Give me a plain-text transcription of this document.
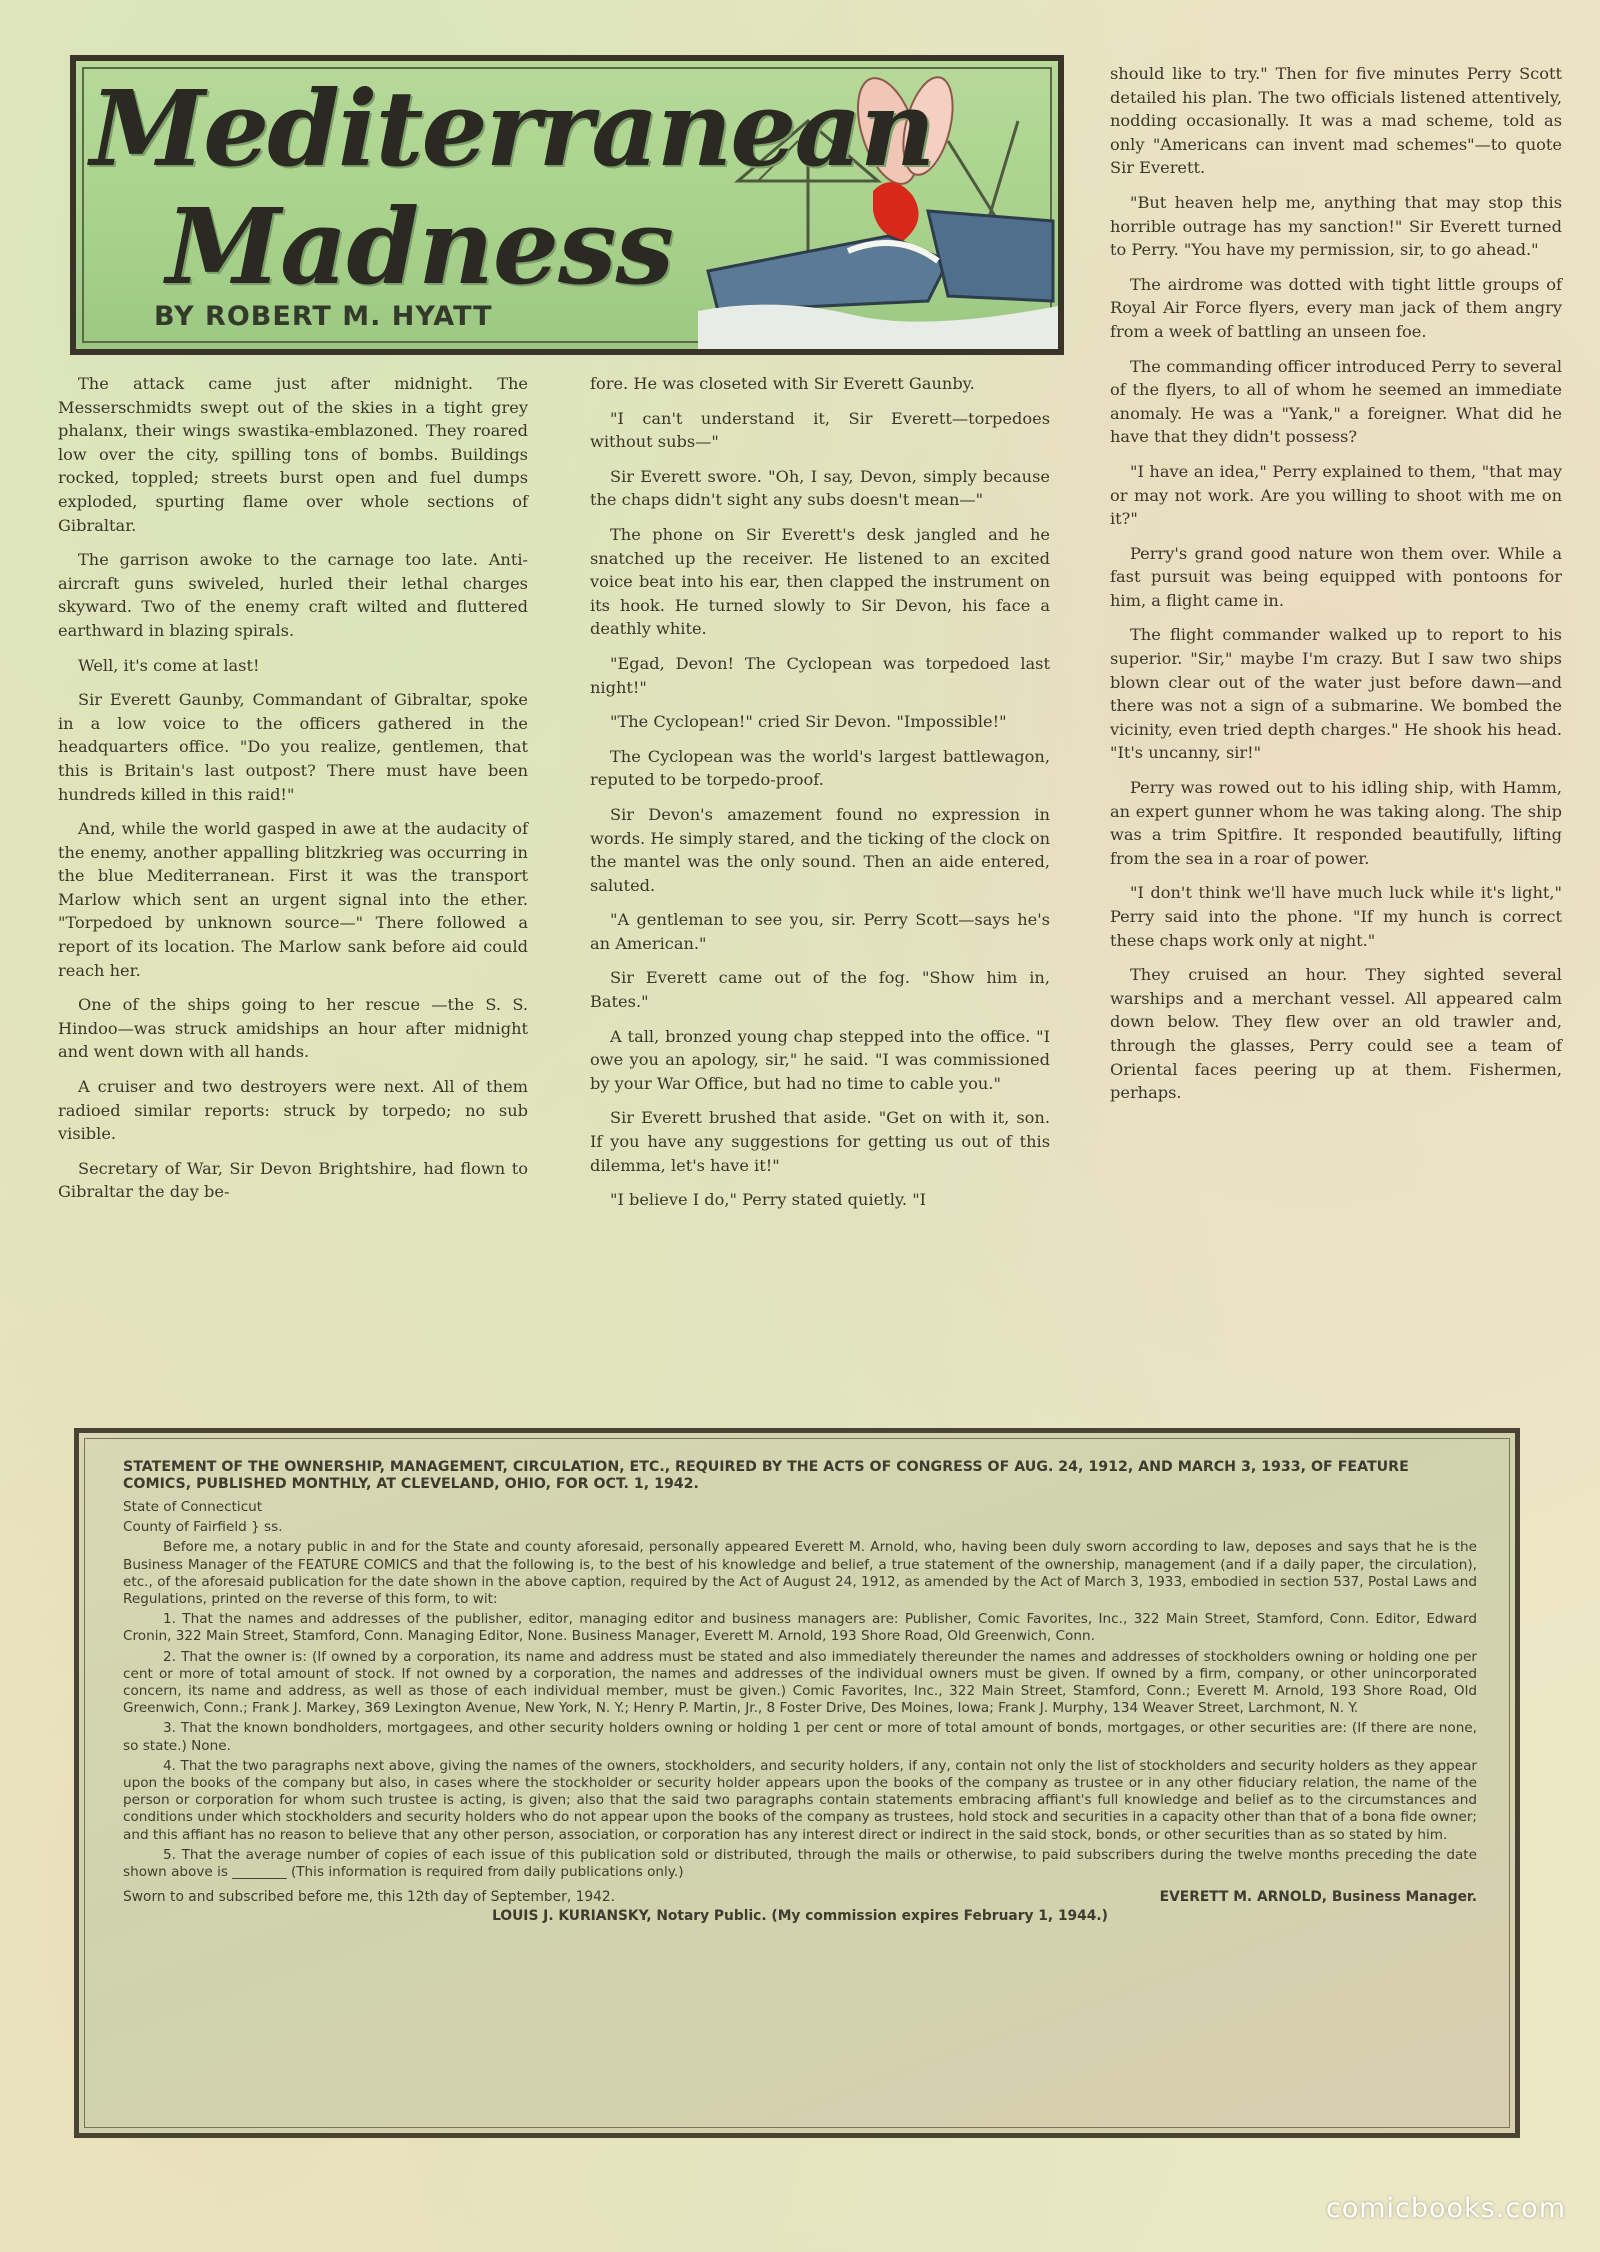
Mediterranean
Madness
BY ROBERT M. HYATT

The attack came just after midnight. The Messerschmidts swept out of the skies in a tight grey phalanx, their wings swastika-emblazoned. They roared low over the city, spilling tons of bombs. Buildings rocked, toppled; streets burst open and fuel dumps exploded, spurting flame over whole sections of Gibraltar.

The garrison awoke to the carnage too late. Anti-aircraft guns swiveled, hurled their lethal charges skyward. Two of the enemy craft wilted and fluttered earthward in blazing spirals.

Well, it's come at last!

Sir Everett Gaunby, Commandant of Gibraltar, spoke in a low voice to the officers gathered in the headquarters office. "Do you realize, gentlemen, that this is Britain's last outpost? There must have been hundreds killed in this raid!"

And, while the world gasped in awe at the audacity of the enemy, another appalling blitzkrieg was occurring in the blue Mediterranean. First it was the transport Marlow which sent an urgent signal into the ether. "Torpedoed by unknown source—" There followed a report of its location. The Marlow sank before aid could reach her.

One of the ships going to her rescue —the S. S. Hindoo—was struck amidships an hour after midnight and went down with all hands.

A cruiser and two destroyers were next. All of them radioed similar reports: struck by torpedo; no sub visible.

Secretary of War, Sir Devon Brightshire, had flown to Gibraltar the day be-

fore. He was closeted with Sir Everett Gaunby.

"I can't understand it, Sir Everett—torpedoes without subs—"

Sir Everett swore. "Oh, I say, Devon, simply because the chaps didn't sight any subs doesn't mean—"

The phone on Sir Everett's desk jangled and he snatched up the receiver. He listened to an excited voice beat into his ear, then clapped the instrument on its hook. He turned slowly to Sir Devon, his face a deathly white.

"Egad, Devon! The Cyclopean was torpedoed last night!"

"The Cyclopean!" cried Sir Devon. "Impossible!"

The Cyclopean was the world's largest battlewagon, reputed to be torpedo-proof.

Sir Devon's amazement found no expression in words. He simply stared, and the ticking of the clock on the mantel was the only sound. Then an aide entered, saluted.

"A gentleman to see you, sir. Perry Scott—says he's an American."

Sir Everett came out of the fog. "Show him in, Bates."

A tall, bronzed young chap stepped into the office. "I owe you an apology, sir," he said. "I was commissioned by your War Office, but had no time to cable you."

Sir Everett brushed that aside. "Get on with it, son. If you have any suggestions for getting us out of this dilemma, let's have it!"

"I believe I do," Perry stated quietly. "I

should like to try." Then for five minutes Perry Scott detailed his plan. The two officials listened attentively, nodding occasionally. It was a mad scheme, told as only "Americans can invent mad schemes"—to quote Sir Everett.

"But heaven help me, anything that may stop this horrible outrage has my sanction!" Sir Everett turned to Perry. "You have my permission, sir, to go ahead."

The airdrome was dotted with tight little groups of Royal Air Force flyers, every man jack of them angry from a week of battling an unseen foe.

The commanding officer introduced Perry to several of the flyers, to all of whom he seemed an immediate anomaly. He was a "Yank," a foreigner. What did he have that they didn't possess?

"I have an idea," Perry explained to them, "that may or may not work. Are you willing to shoot with me on it?"

Perry's grand good nature won them over. While a fast pursuit was being equipped with pontoons for him, a flight came in.

The flight commander walked up to report to his superior. "Sir," maybe I'm crazy. But I saw two ships blown clear out of the water just before dawn—and there was not a sign of a submarine. We bombed the vicinity, even tried depth charges." He shook his head. "It's uncanny, sir!"

Perry was rowed out to his idling ship, with Hamm, an expert gunner whom he was taking along. The ship was a trim Spitfire. It responded beautifully, lifting from the sea in a roar of power.

"I don't think we'll have much luck while it's light," Perry said into the phone. "If my hunch is correct these chaps work only at night."

They cruised an hour. They sighted several warships and a merchant vessel. All appeared calm down below. They flew over an old trawler and, through the glasses, Perry could see a team of Oriental faces peering up at them. Fishermen, perhaps.

STATEMENT OF THE OWNERSHIP, MANAGEMENT, CIRCULATION, ETC., REQUIRED BY THE ACTS OF CONGRESS OF AUG. 24, 1912, AND MARCH 3, 1933, OF FEATURE COMICS, PUBLISHED MONTHLY, AT CLEVELAND, OHIO, FOR OCT. 1, 1942.

State of Connecticut

County of Fairfield } ss.

Before me, a notary public in and for the State and county aforesaid, personally appeared Everett M. Arnold, who, having been duly sworn according to law, deposes and says that he is the Business Manager of the FEATURE COMICS and that the following is, to the best of his knowledge and belief, a true statement of the ownership, management (and if a daily paper, the circulation), etc., of the aforesaid publication for the date shown in the above caption, required by the Act of August 24, 1912, as amended by the Act of March 3, 1933, embodied in section 537, Postal Laws and Regulations, printed on the reverse of this form, to wit:

1. That the names and addresses of the publisher, editor, managing editor and business managers are: Publisher, Comic Favorites, Inc., 322 Main Street, Stamford, Conn. Editor, Edward Cronin, 322 Main Street, Stamford, Conn. Managing Editor, None. Business Manager, Everett M. Arnold, 193 Shore Road, Old Greenwich, Conn.

2. That the owner is: (If owned by a corporation, its name and address must be stated and also immediately thereunder the names and addresses of stockholders owning or holding one per cent or more of total amount of stock. If not owned by a corporation, the names and addresses of the individual owners must be given. If owned by a firm, company, or other unincorporated concern, its name and address, as well as those of each individual member, must be given.) Comic Favorites, Inc., 322 Main Street, Stamford, Conn.; Everett M. Arnold, 193 Shore Road, Old Greenwich, Conn.; Frank J. Markey, 369 Lexington Avenue, New York, N. Y.; Henry P. Martin, Jr., 8 Foster Drive, Des Moines, Iowa; Frank J. Murphy, 134 Weaver Street, Larchmont, N. Y.

3. That the known bondholders, mortgagees, and other security holders owning or holding 1 per cent or more of total amount of bonds, mortgages, or other securities are: (If there are none, so state.) None.

4. That the two paragraphs next above, giving the names of the owners, stockholders, and security holders, if any, contain not only the list of stockholders and security holders as they appear upon the books of the company but also, in cases where the stockholder or security holder appears upon the books of the company as trustee or in any other fiduciary relation, the name of the person or corporation for whom such trustee is acting, is given; also that the said two paragraphs contain statements embracing affiant's full knowledge and belief as to the circumstances and conditions under which stockholders and security holders who do not appear upon the books of the company as trustees, hold stock and securities in a capacity other than that of a bona fide owner; and this affiant has no reason to believe that any other person, association, or corporation has any interest direct or indirect in the said stock, bonds, or other securities than as so stated by him.

5. That the average number of copies of each issue of this publication sold or distributed, through the mails or otherwise, to paid subscribers during the twelve months preceding the date shown above is ________ (This information is required from daily publications only.)

Sworn to and subscribed before me, this 12th day of September, 1942.	EVERETT M. ARNOLD, Business Manager.
LOUIS J. KURIANSKY, Notary Public. (My commission expires February 1, 1944.)
comicbooks.com
